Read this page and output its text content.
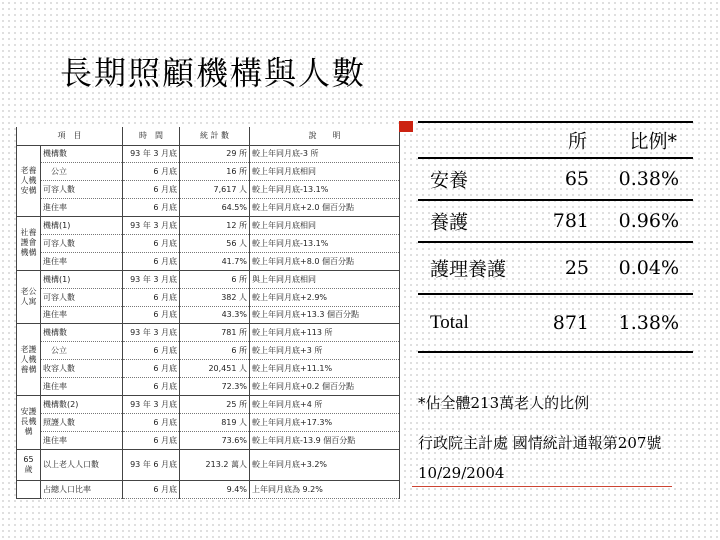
長期照顧機構與人數
項　目		時　間	統 計 數	說　　明
老養人機安構	機構數	93 年 3 月底	29 所	較上年同月底-3 所
	　公立	6 月底	16 所	較上年同月底相同
	可容人數	6 月底	7,617 人	較上年同月底-13.1%
	進住率	6 月底	64.5%	較上年同月底+2.0 個百分點
社養護會機構	機構(1)	93 年 3 月底	12 所	較上年同月底相同
	可容人數	6 月底	56 人	較上年同月底-13.1%
	進住率	6 月底	41.7%	較上年同月底+8.0 個百分點
老公人寓	機構(1)	93 年 3 月底	6 所	與上年同月底相同
	可容人數	6 月底	382 人	較上年同月底+2.9%
	進住率	6 月底	43.3%	較上年同月底+13.3 個百分點
老護人機養構	機構數	93 年 3 月底	781 所	較上年同月底+113 所
	　公立	6 月底	6 所	較上年同月底+3 所
	收容人數	6 月底	20,451 人	較上年同月底+11.1%
	進住率	6 月底	72.3%	較上年同月底+0.2 個百分點
安護長機構	機構數(2)	93 年 3 月底	25 所	較上年同月底+4 所
	照護人數	6 月底	819 人	較上年同月底+17.3%
	進住率	6 月底	73.6%	較上年同月底-13.9 個百分點
65 歲	以上老人人口數	93 年 6 月底	213.2 萬人	較上年同月底+3.2%
	占總人口比率	6 月底	9.4%	上年同月底為 9.2%
所 比例*
安養	65 0.38%
養護	781 0.96%
護理養護	25 0.04%
Total	871 1.38%
*佔全體213萬老人的比例
行政院主計處 國情統計通報第207號
10/29/2004
